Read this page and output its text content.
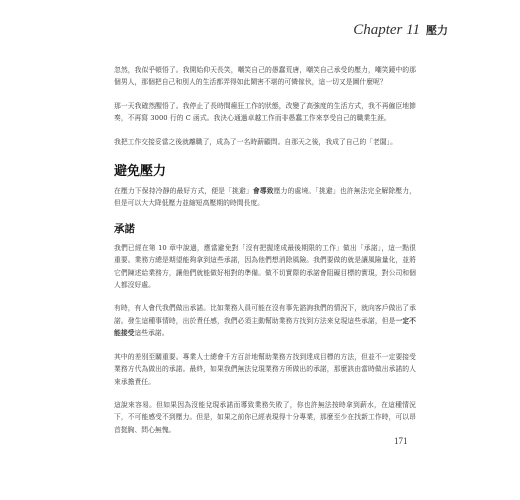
Chapter 11 壓力

忽然，我似乎頓悟了。我開始仰天長笑，嘲笑自己的愚蠢荒唐，嘲笑自己承受的壓力，嘲笑鏡中的那個男人，那個把自己和別人的生活都弄得如此鬧害不堪的可憐傢伙，這一切又是圖什麼呢？

那一天我確然醒悟了。我停止了長時間瘋狂工作的狀態，改變了高強度的生活方式，我不再僱臣地節奏，不再寫 3000 行的 C 函式。我決心通過卓越工作而非愚蠢工作來享受自己的職業生涯。

我把工作交接妥當之後就離職了，成為了一名時薪顧問。自那天之後，我成了自己的「老闆」。

避免壓力

在壓力下保持冷靜的最好方式，便是「挑避」會導致壓力的處境。「挑避」也許無法完全解除壓力，但是可以大大降低壓力並縮短高壓期的時間長度。

承諾

我們已經在第 10 章中說過，應當避免對「沒有把握達成最後期限的工作」做出「承諾」，這一點很重要。業務方總是期望能夠拿到這些承諾，因為他們想消除風險。我們要做的就是讓風險量化，並將它們陳述給業務方，讓他們就能做好相對的準備。做不切實際的承諾會阻礙目標的實現，對公司和個人都沒好處。

有時，有人會代我們做出承諾。比如業務人員可能在沒有事先諮詢我們的情況下，就向客戶做出了承諾。發生這種事情時，出於責任感，我們必須主動幫助業務方找到方法來兌現這些承諾，但是一定不能接受這些承諾。

其中的差別至關重要。專業人士總會千方百計地幫助業務方找到達成目標的方法，但並不一定要接受業務方代為做出的承諾。最終，如果我們無法兌現業務方所做出的承諾，那麼該由當時做出承諾的人來承擔責任。

這說來容易。但如果因為沒能兌現承諾而導致業務失敗了，你也許無法按時拿到薪水，在這種情況下，不可能感受不到壓力。但是，如果之前你已經表現得十分專業，那麼至少在找新工作時，可以昂首挺胸、問心無愧。

171
